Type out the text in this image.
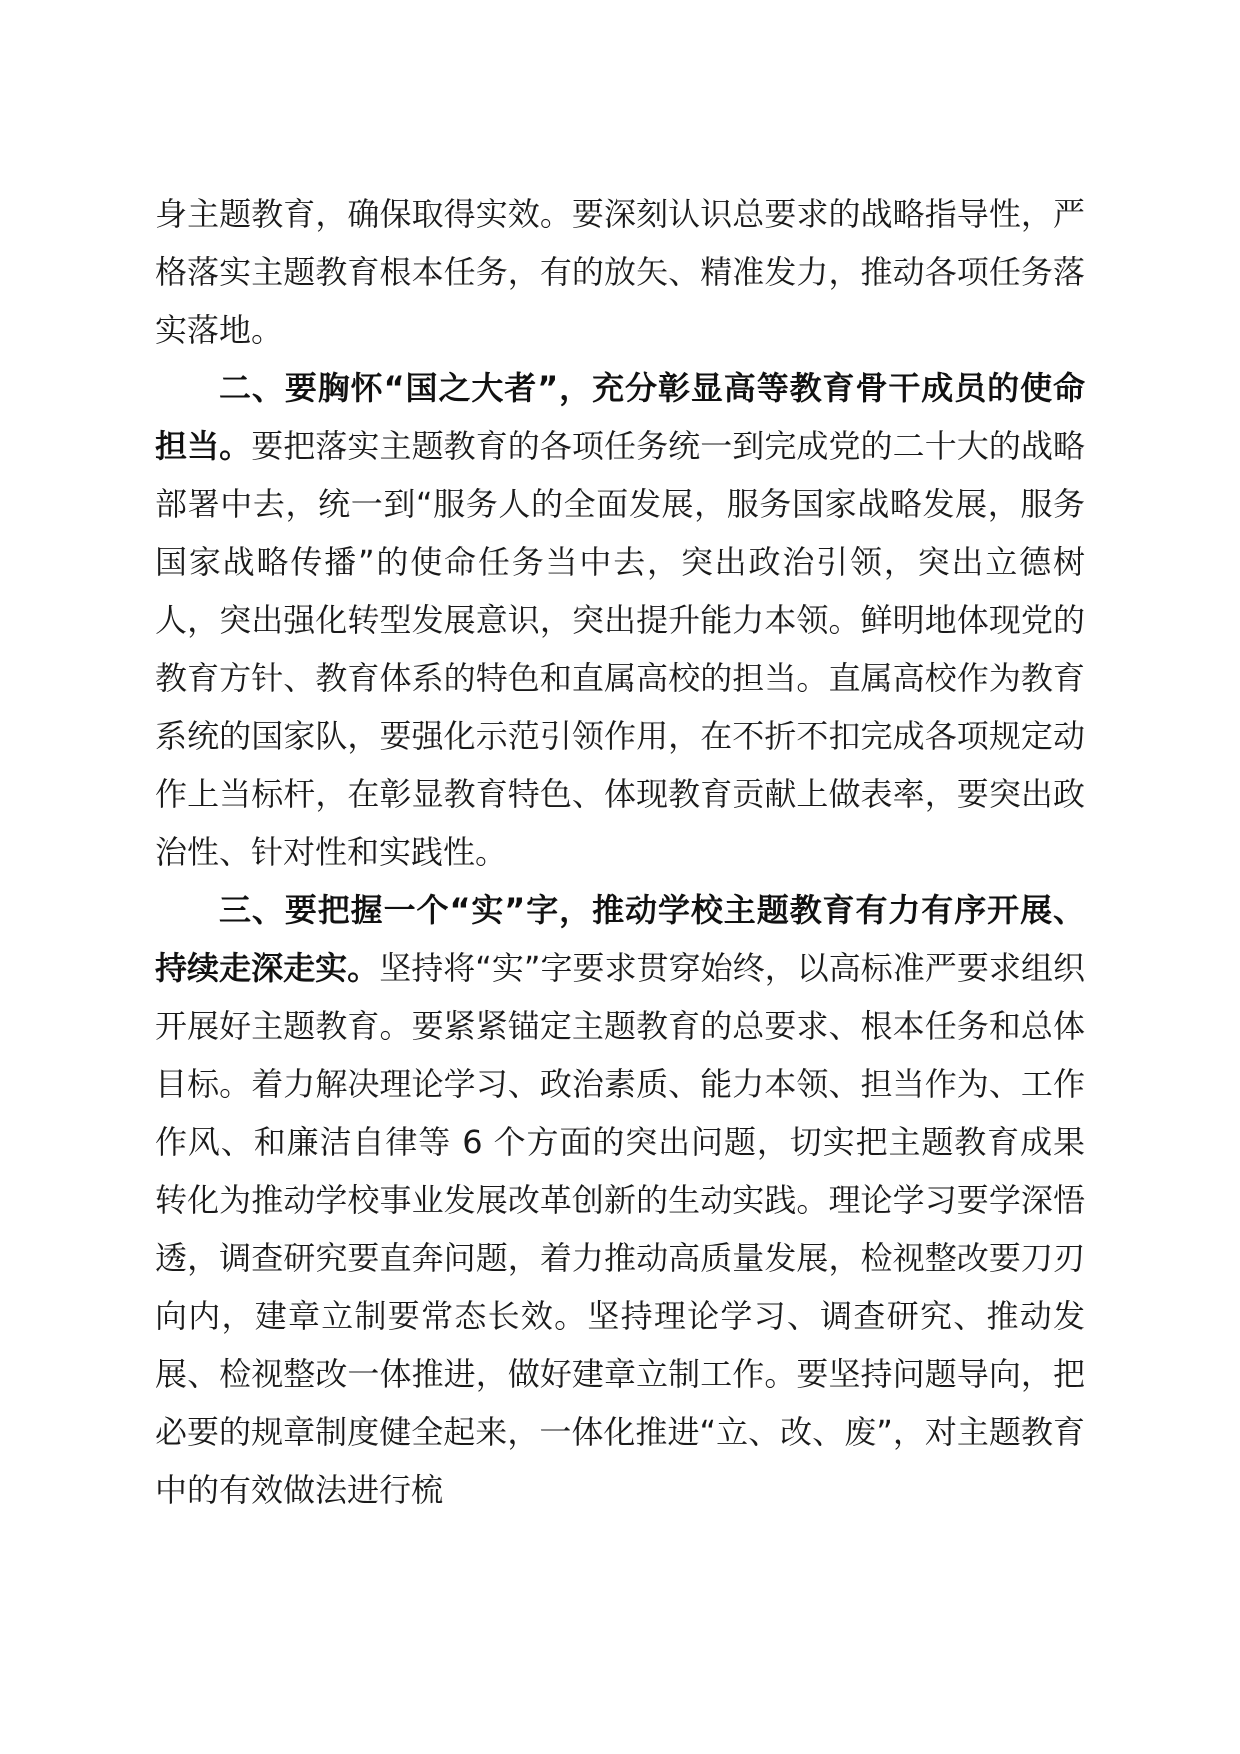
身主题教育，确保取得实效。要深刻认识总要求的战略指导性，严格落实主题教育根本任务，有的放矢、精准发力，推动各项任务落实落地。

二、要胸怀“国之大者”，充分彰显高等教育骨干成员的使命担当。要把落实主题教育的各项任务统一到完成党的二十大的战略部署中去，统一到“服务人的全面发展，服务国家战略发展，服务国家战略传播”的使命任务当中去，突出政治引领，突出立德树人，突出强化转型发展意识，突出提升能力本领。鲜明地体现党的教育方针、教育体系的特色和直属高校的担当。直属高校作为教育系统的国家队，要强化示范引领作用，在不折不扣完成各项规定动作上当标杆，在彰显教育特色、体现教育贡献上做表率，要突出政治性、针对性和实践性。

三、要把握一个“实”字，推动学校主题教育有力有序开展、持续走深走实。坚持将“实”字要求贯穿始终，以高标准严要求组织开展好主题教育。要紧紧锚定主题教育的总要求、根本任务和总体目标。着力解决理论学习、政治素质、能力本领、担当作为、工作作风、和廉洁自律等 6 个方面的突出问题，切实把主题教育成果转化为推动学校事业发展改革创新的生动实践。理论学习要学深悟透，调查研究要直奔问题，着力推动高质量发展，检视整改要刀刃向内，建章立制要常态长效。坚持理论学习、调查研究、推动发展、检视整改一体推进，做好建章立制工作。要坚持问题导向，把必要的规章制度健全起来，一体化推进“立、改、废”，对主题教育中的有效做法进行梳
